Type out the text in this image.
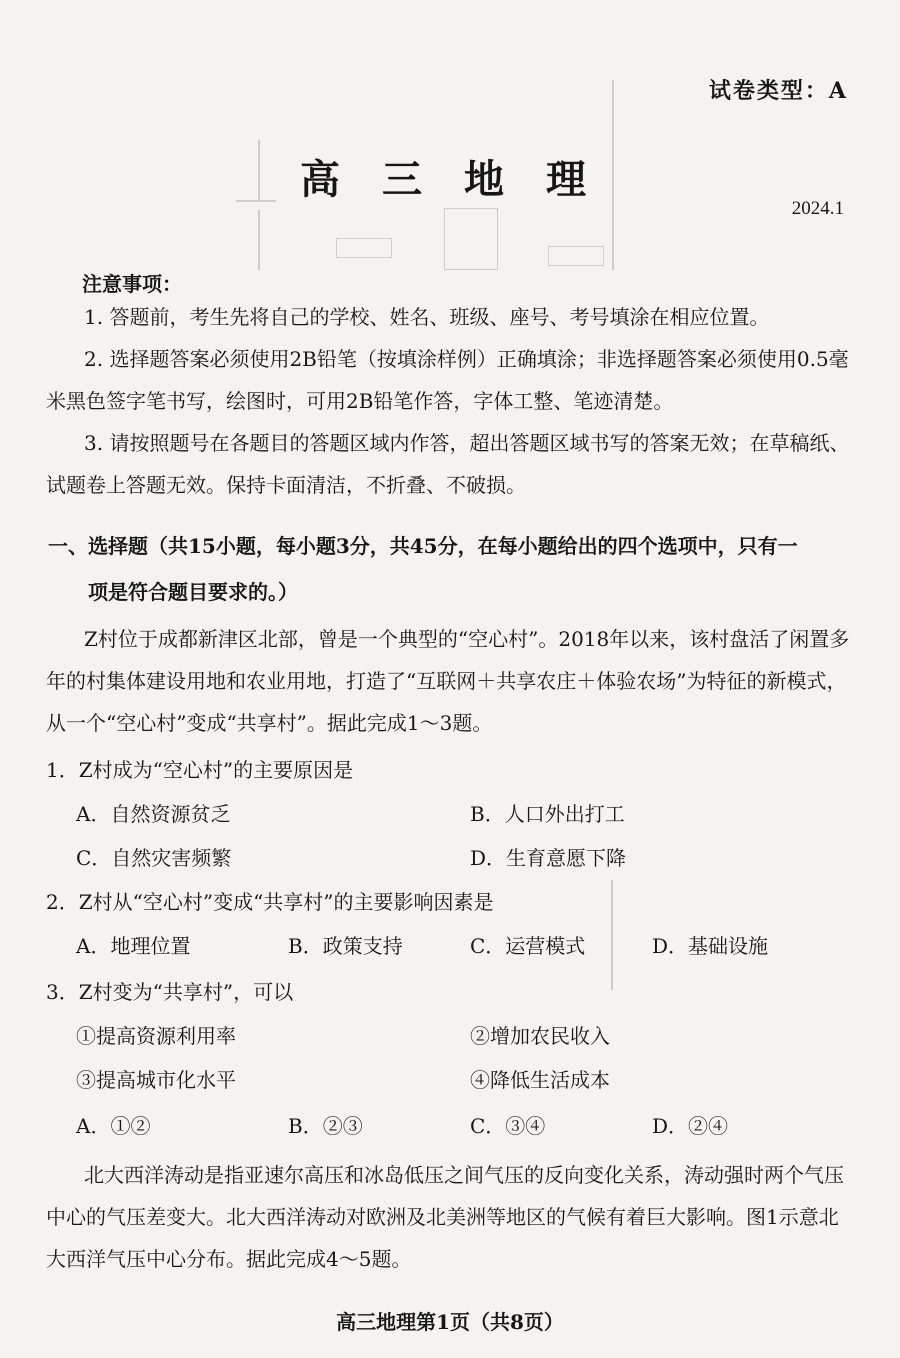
试卷类型：A
高三地理
2024.1
注意事项：
1. 答题前，考生先将自己的学校、姓名、班级、座号、考号填涂在相应位置。
2. 选择题答案必须使用2B铅笔（按填涂样例）正确填涂；非选择题答案必须使用0.5毫米黑色签字笔书写，绘图时，可用2B铅笔作答，字体工整、笔迹清楚。
3. 请按照题号在各题目的答题区域内作答，超出答题区域书写的答案无效；在草稿纸、试题卷上答题无效。保持卡面清洁，不折叠、不破损。
一、选择题（共15小题，每小题3分，共45分，在每小题给出的四个选项中，只有一
项是符合题目要求的。）
Z村位于成都新津区北部，曾是一个典型的“空心村”。2018年以来，该村盘活了闲置多年的村集体建设用地和农业用地，打造了“互联网＋共享农庄＋体验农场”为特征的新模式，从一个“空心村”变成“共享村”。据此完成1～3题。
1．Z村成为“空心村”的主要原因是
A．自然资源贫乏	B．人口外出打工
C．自然灾害频繁	D．生育意愿下降
2．Z村从“空心村”变成“共享村”的主要影响因素是
A．地理位置	B．政策支持	C．运营模式	D．基础设施
3．Z村变为“共享村”，可以
①提高资源利用率	②增加农民收入
③提高城市化水平	④降低生活成本
A．①②	B．②③	C．③④	D．②④
北大西洋涛动是指亚速尔高压和冰岛低压之间气压的反向变化关系，涛动强时两个气压中心的气压差变大。北大西洋涛动对欧洲及北美洲等地区的气候有着巨大影响。图1示意北大西洋气压中心分布。据此完成4～5题。
高三地理第1页（共8页）
